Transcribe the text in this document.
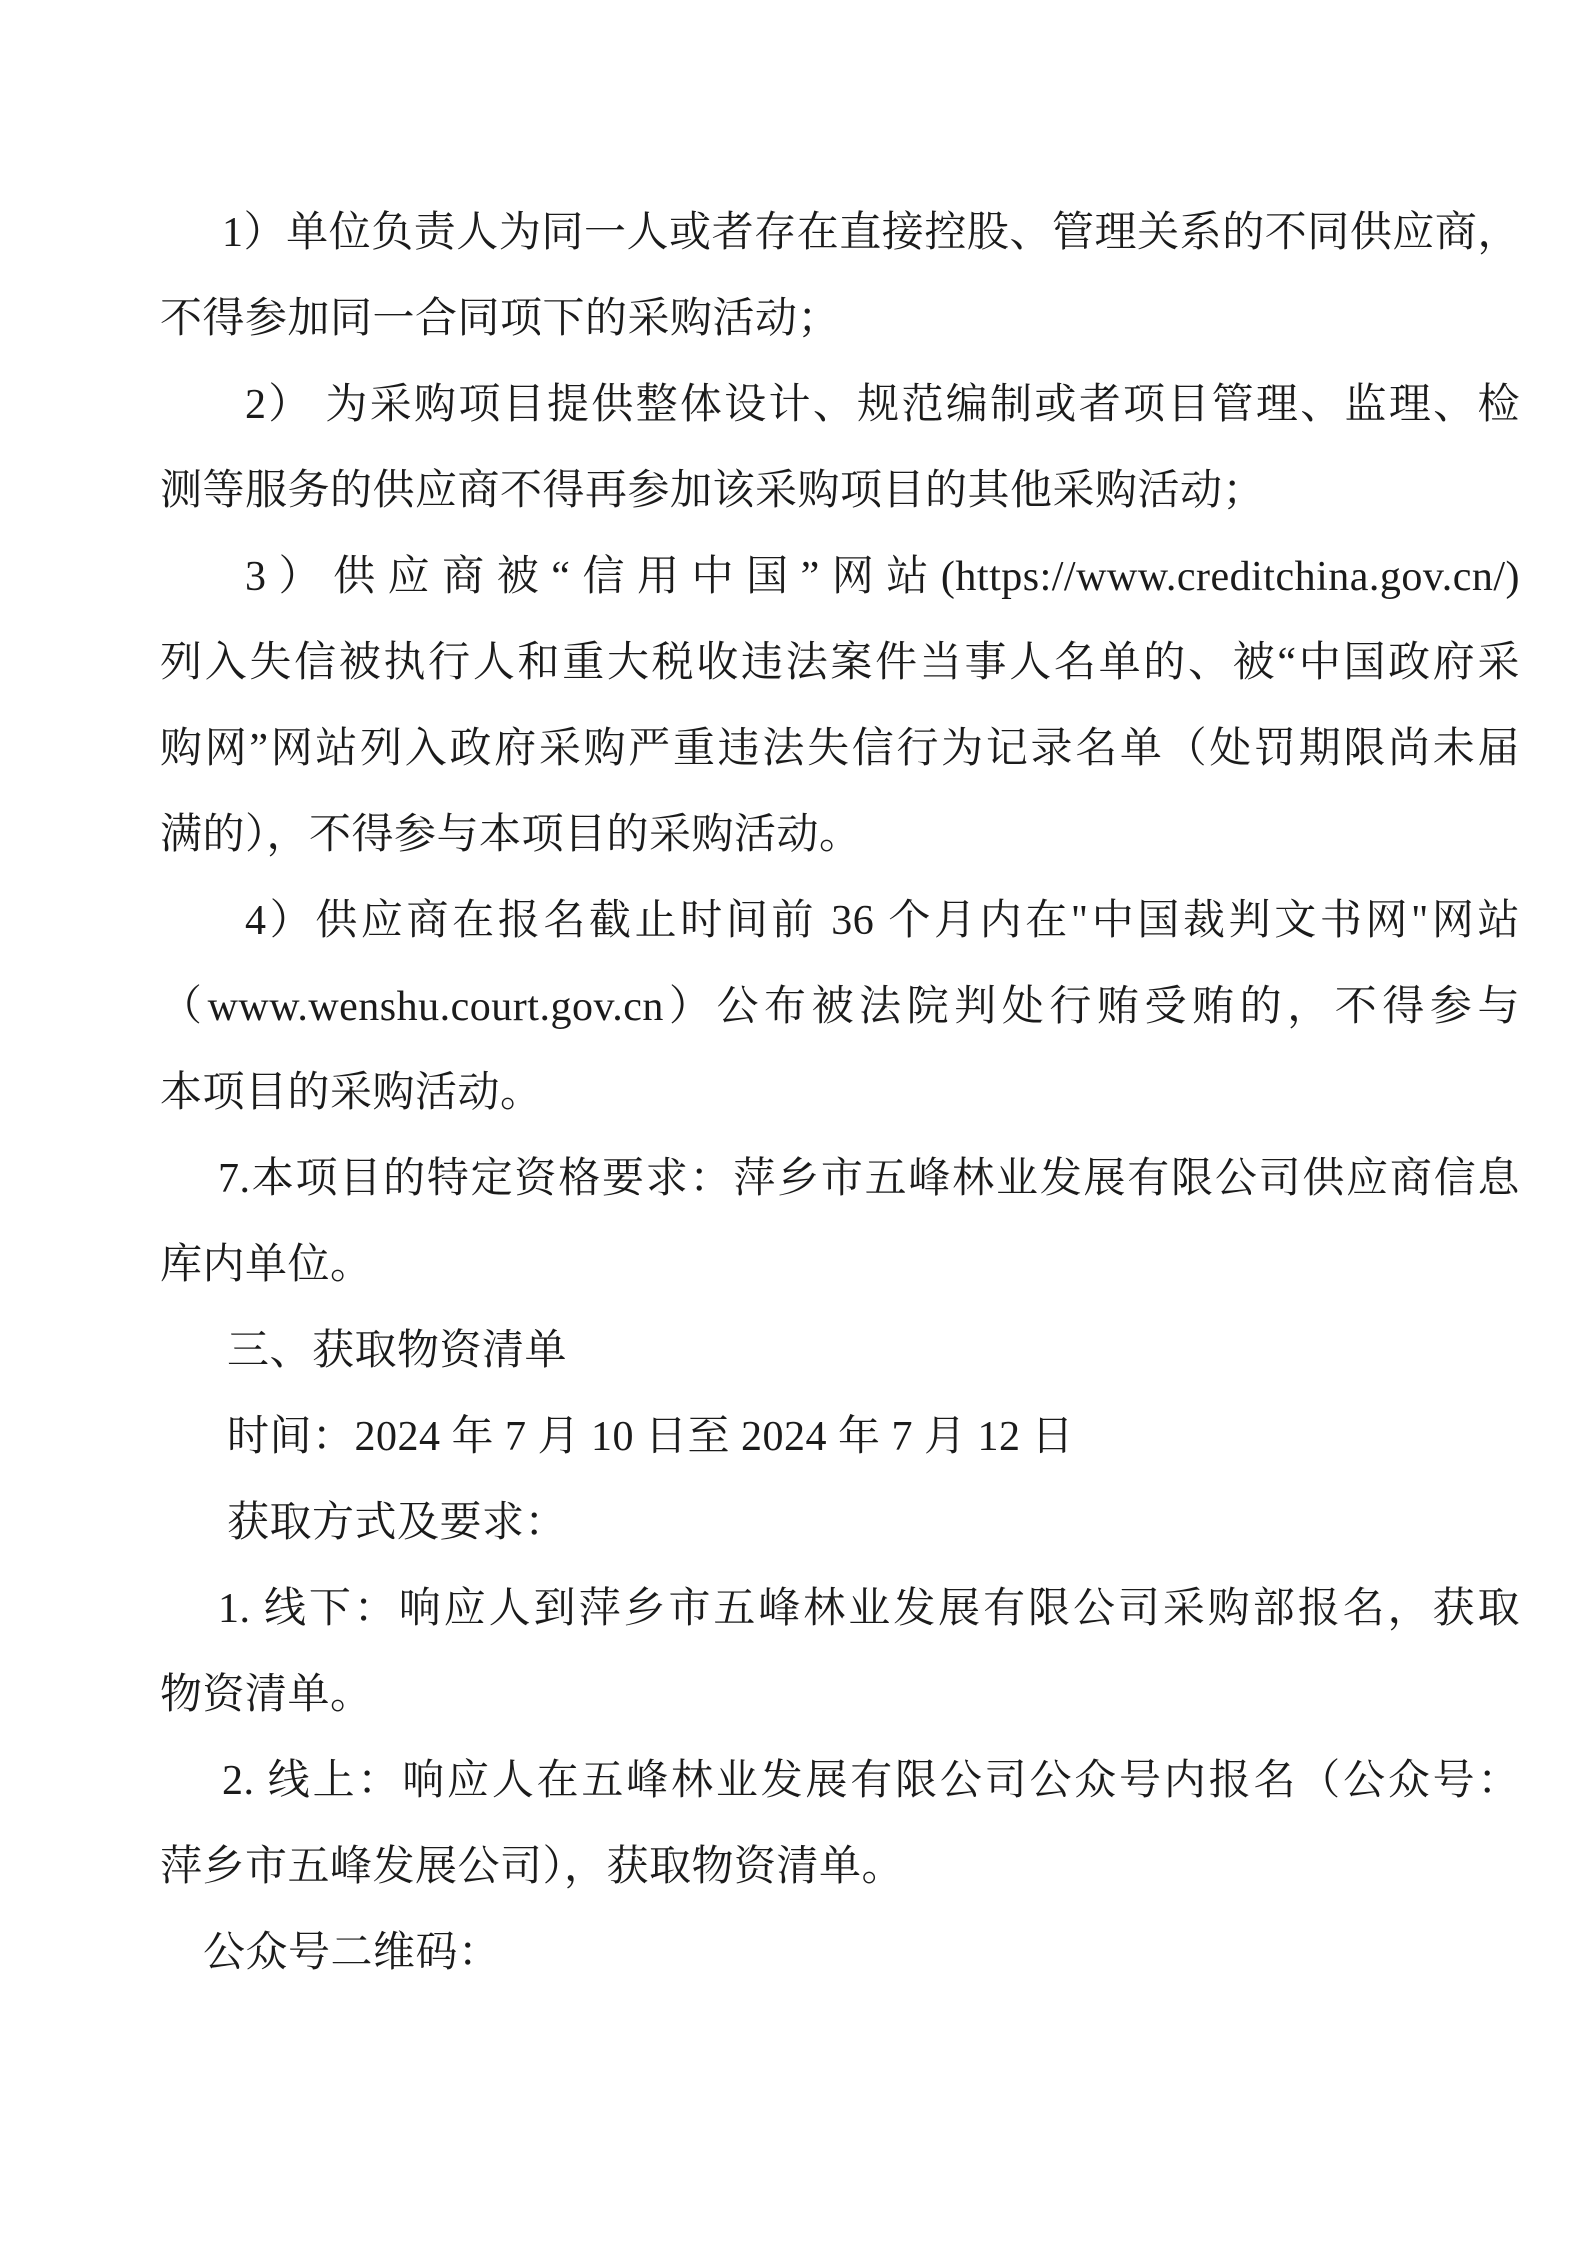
1）单位负责人为同一人或者存在直接控股、管理关系的不同供应商，
不得参加同一合同项下的采购活动；
2） 为采购项目提供整体设计、规范编制或者项目管理、监理、检
测等服务的供应商不得再参加该采购项目的其他采购活动；
3）供应商被“信用中国”网站(https://www.creditchina.gov.cn/)
列入失信被执行人和重大税收违法案件当事人名单的、被“中国政府采
购网”网站列入政府采购严重违法失信行为记录名单（处罚期限尚未届
满的），不得参与本项目的采购活动。
4）供应商在报名截止时间前 36 个月内在"中国裁判文书网"网站
（www.wenshu.court.gov.cn）公布被法院判处行贿受贿的，不得参与
本项目的采购活动。
7.本项目的特定资格要求：萍乡市五峰林业发展有限公司供应商信息
库内单位。
三、获取物资清单
时间：2024 年 7 月 10 日至 2024 年 7 月 12 日
获取方式及要求：
1. 线下：响应人到萍乡市五峰林业发展有限公司采购部报名，获取
物资清单。
2. 线上：响应人在五峰林业发展有限公司公众号内报名（公众号：
萍乡市五峰发展公司），获取物资清单。
公众号二维码：
